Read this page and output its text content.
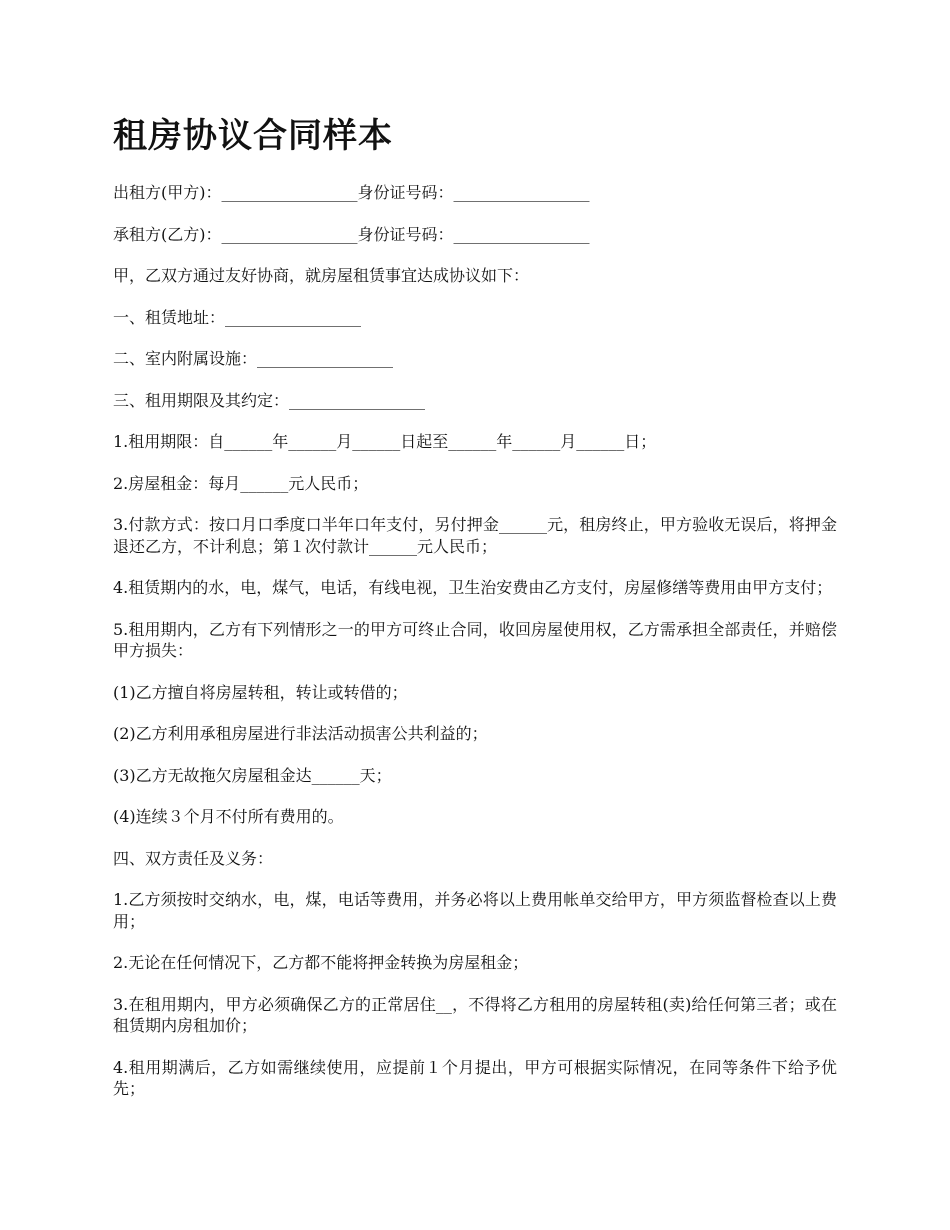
租房协议合同样本

出租方(甲方)：_________________身份证号码：_________________

承租方(乙方)：_________________身份证号码：_________________

甲，乙双方通过友好协商，就房屋租赁事宜达成协议如下：

一、租赁地址：_________________

二、室内附属设施：_________________

三、租用期限及其约定：_________________

1.租用期限：自______年______月______日起至______年______月______日；

2.房屋租金：每月______元人民币；

3.付款方式：按口月口季度口半年口年支付，另付押金______元，租房终止，甲方验收无误后，将押金退还乙方，不计利息；第１次付款计______元人民币；

4.租赁期内的水，电，煤气，电话，有线电视，卫生治安费由乙方支付，房屋修缮等费用由甲方支付；

5.租用期内，乙方有下列情形之一的甲方可终止合同，收回房屋使用权，乙方需承担全部责任，并赔偿甲方损失：

(1)乙方擅自将房屋转租，转让或转借的；

(2)乙方利用承租房屋进行非法活动损害公共利益的；

(3)乙方无故拖欠房屋租金达______天；

(4)连续３个月不付所有费用的。

四、双方责任及义务：

1.乙方须按时交纳水，电，煤，电话等费用，并务必将以上费用帐单交给甲方，甲方须监督检查以上费用；

2.无论在任何情况下，乙方都不能将押金转换为房屋租金；

3.在租用期内，甲方必须确保乙方的正常居住__，不得将乙方租用的房屋转租(卖)给任何第三者；或在租赁期内房租加价；

4.租用期满后，乙方如需继续使用，应提前１个月提出，甲方可根据实际情况，在同等条件下给予优先；
